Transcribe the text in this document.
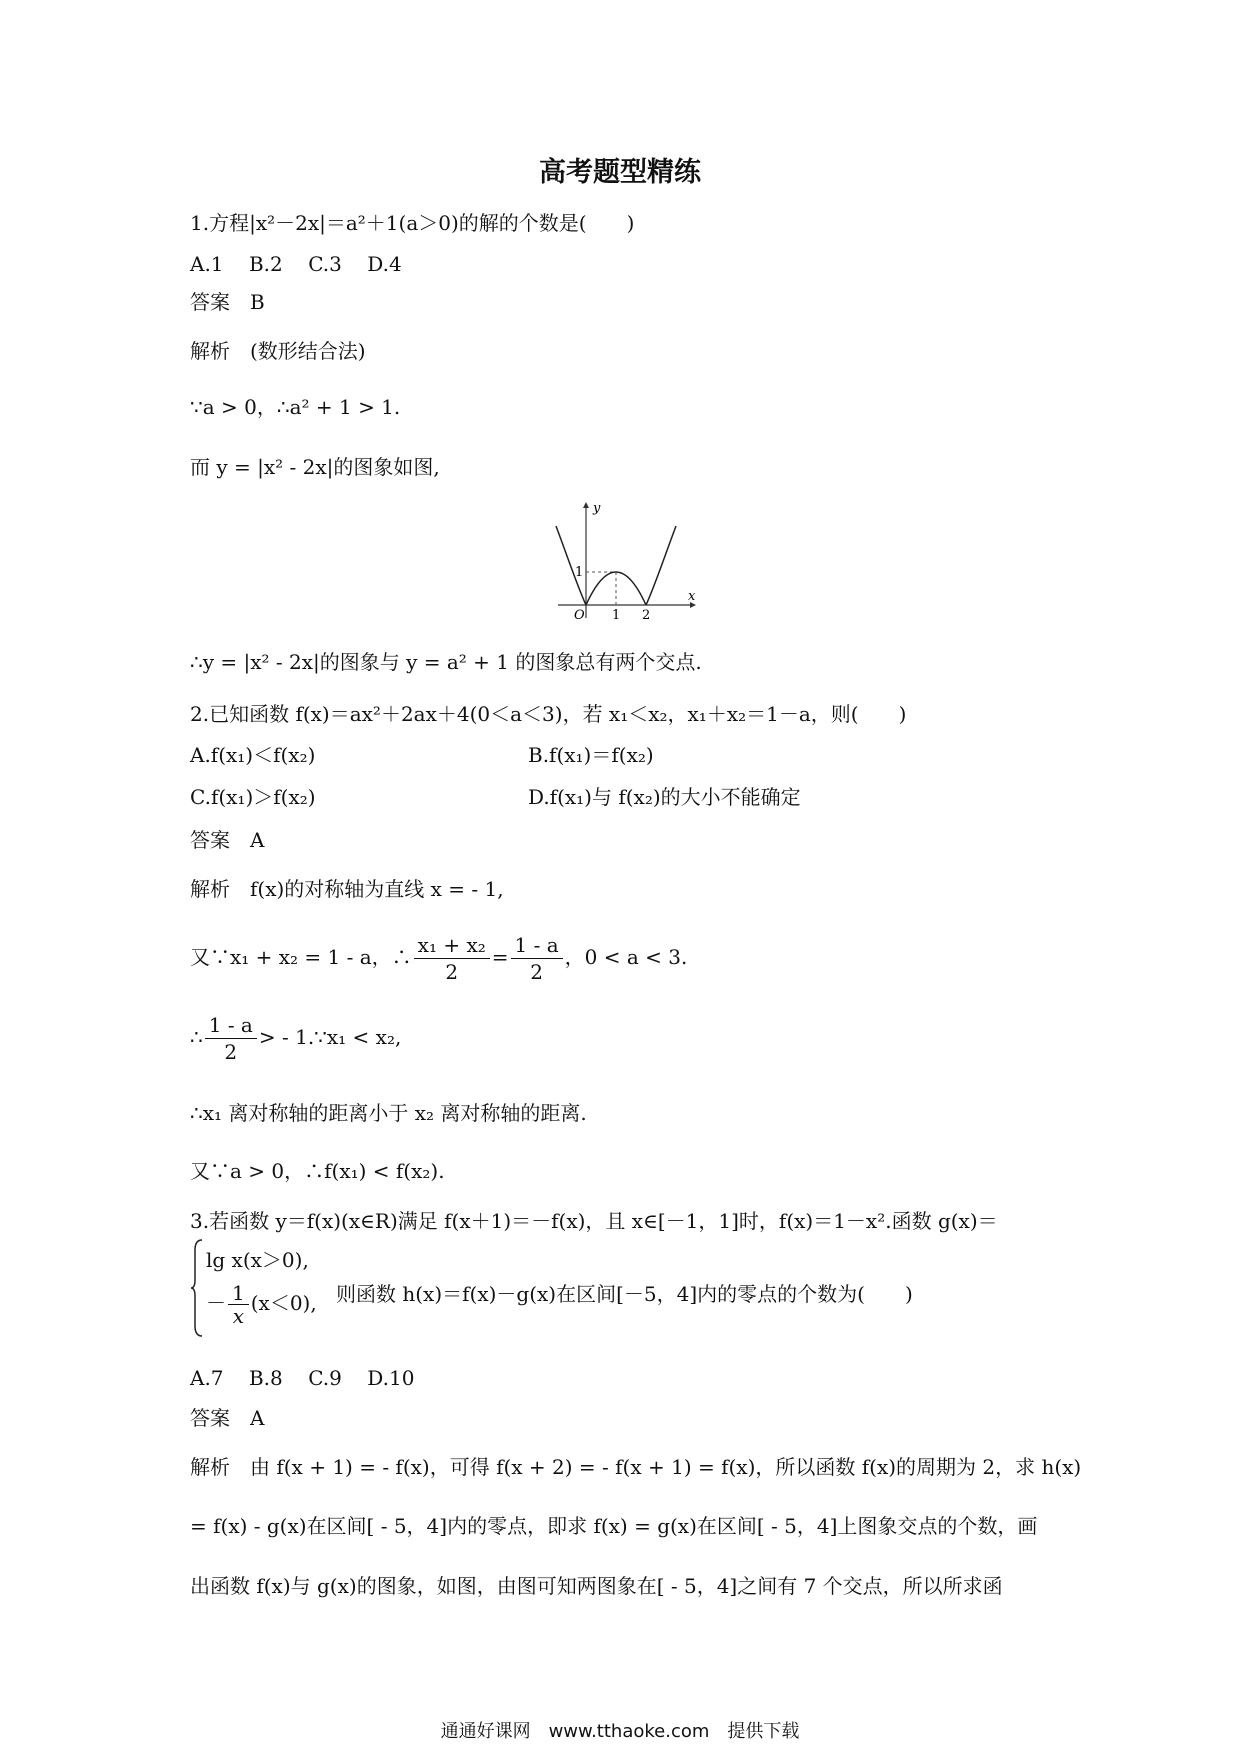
高考题型精练
1.方程|x²－2x|＝a²＋1(a＞0)的解的个数是(　　)
A.1 B.2 C.3 D.4
答案　B
解析　(数形结合法)
∵a > 0，∴a² + 1 > 1.
而 y = |x² - 2x|的图象如图,
y
x
O 1 2
1
∴y = |x² - 2x|的图象与 y = a² + 1 的图象总有两个交点.
2.已知函数 f(x)＝ax²＋2ax＋4(0＜a＜3)，若 x₁＜x₂，x₁＋x₂＝1－a，则(　　)
A.f(x₁)＜f(x₂)	B.f(x₁)＝f(x₂)
C.f(x₁)＞f(x₂)	D.f(x₁)与 f(x₂)的大小不能确定
答案　A
解析　f(x)的对称轴为直线 x = - 1,
又∵x₁ + x₂ = 1 - a，∴ $\frac{\text{x₁ + x₂}}{2} = \frac{1 - a}{2}$ ，0 < a < 3.
∴ $\frac{1 - a}{2}$ > - 1.∵x₁ < x₂,
∴x₁ 离对称轴的距离小于 x₂ 离对称轴的距离.
又∵a > 0，∴f(x₁) < f(x₂).
3.若函数 y＝f(x)(x∈R)满足 f(x＋1)＝－f(x)，且 x∈[－1，1]时，f(x)＝1－x².函数 g(x)＝
lg x(x＞0),
－ $\frac{1}{x} (x<0)$, 则函数 h(x)＝f(x)－g(x)在区间[－5，4]内的零点的个数为(　　)
A.7 B.8 C.9 D.10
答案　A
解析　由 f(x + 1) = - f(x)，可得 f(x + 2) = - f(x + 1) = f(x)，所以函数 f(x)的周期为 2，求 h(x)
= f(x) - g(x)在区间[ - 5，4]内的零点，即求 f(x) = g(x)在区间[ - 5，4]上图象交点的个数，画
出函数 f(x)与 g(x)的图象，如图，由图可知两图象在[ - 5，4]之间有 7 个交点，所以所求函
通通好课网　www.tthaoke.com　提供下载
